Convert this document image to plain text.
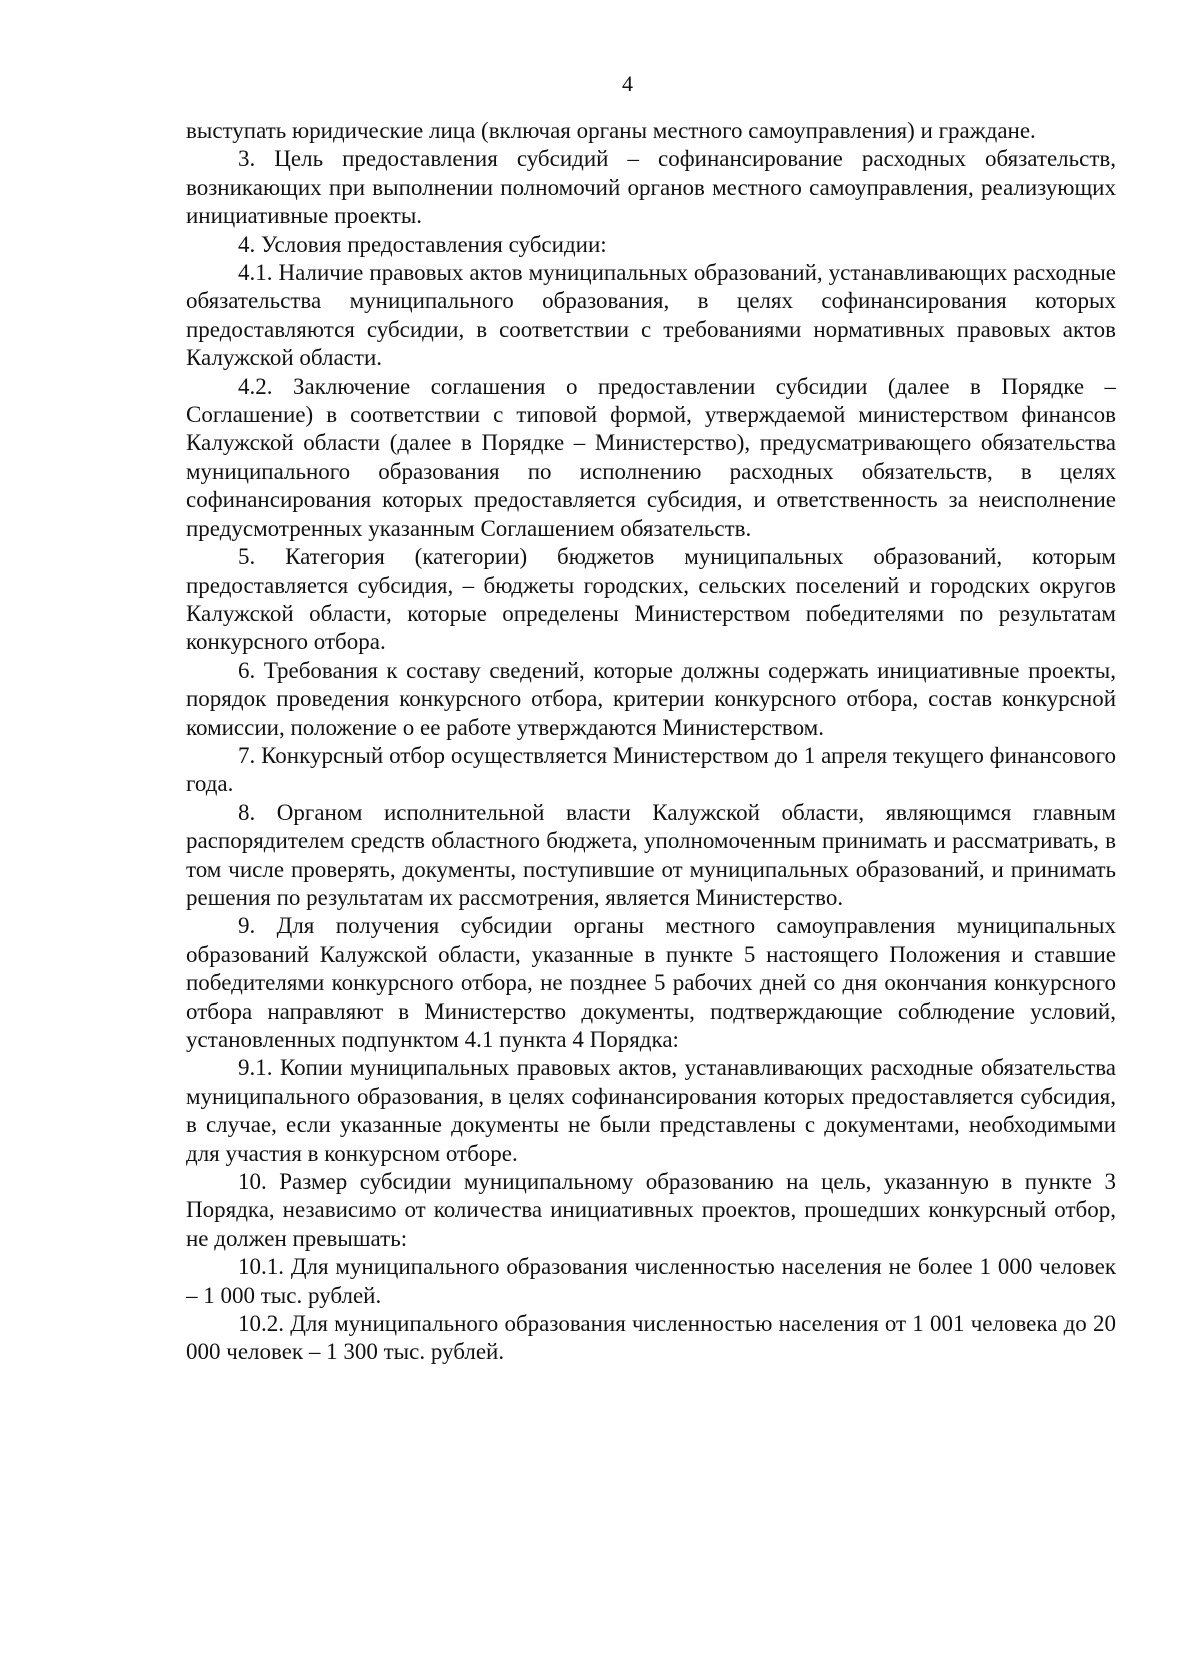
4

выступать юридические лица (включая органы местного самоуправления) и граждане.

3. Цель предоставления субсидий – софинансирование расходных обязательств, возникающих при выполнении полномочий органов местного самоуправления, реализующих инициативные проекты.

4. Условия предоставления субсидии:

4.1. Наличие правовых актов муниципальных образований, устанавливающих расходные обязательства муниципального образования, в целях софинансирования которых предоставляются субсидии, в соответствии с требованиями нормативных правовых актов Калужской области.

4.2. Заключение соглашения о предоставлении субсидии (далее в Порядке – Соглашение) в соответствии с типовой формой, утверждаемой министерством финансов Калужской области (далее в Порядке – Министерство), предусматривающего обязательства муниципального образования по исполнению расходных обязательств, в целях софинансирования которых предоставляется субсидия, и ответственность за неисполнение предусмотренных указанным Соглашением обязательств.

5. Категория (категории) бюджетов муниципальных образований, которым предоставляется субсидия, – бюджеты городских, сельских поселений и городских округов Калужской области, которые определены Министерством победителями по результатам конкурсного отбора.

6. Требования к составу сведений, которые должны содержать инициативные проекты, порядок проведения конкурсного отбора, критерии конкурсного отбора, состав конкурсной комиссии, положение о ее работе утверждаются Министерством.

7. Конкурсный отбор осуществляется Министерством до 1 апреля текущего финансового года.

8. Органом исполнительной власти Калужской области, являющимся главным распорядителем средств областного бюджета, уполномоченным принимать и рассматривать, в том числе проверять, документы, поступившие от муниципальных образований, и принимать решения по результатам их рассмотрения, является Министерство.

9. Для получения субсидии органы местного самоуправления муниципальных образований Калужской области, указанные в пункте 5 настоящего Положения и ставшие победителями конкурсного отбора, не позднее 5 рабочих дней со дня окончания конкурсного отбора направляют в Министерство документы, подтверждающие соблюдение условий, установленных подпунктом 4.1 пункта 4 Порядка:

9.1. Копии муниципальных правовых актов, устанавливающих расходные обязательства муниципального образования, в целях софинансирования которых предоставляется субсидия, в случае, если указанные документы не были представлены с документами, необходимыми для участия в конкурсном отборе.

10. Размер субсидии муниципальному образованию на цель, указанную в пункте 3 Порядка, независимо от количества инициативных проектов, прошедших конкурсный отбор, не должен превышать:

10.1. Для муниципального образования численностью населения не более 1 000 человек – 1 000 тыс. рублей.

10.2. Для муниципального образования численностью населения от 1 001 человека до 20 000 человек – 1 300 тыс. рублей.
